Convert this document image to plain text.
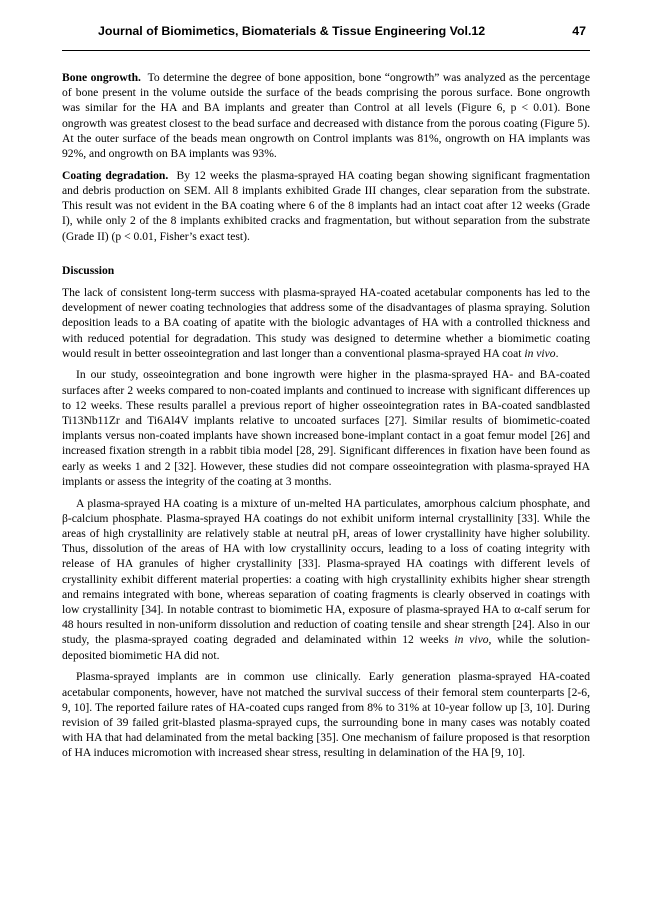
Journal of Biomimetics, Biomaterials & Tissue Engineering Vol.12	47

Bone ongrowth. To determine the degree of bone apposition, bone “ongrowth” was analyzed as the percentage of bone present in the volume outside the surface of the beads comprising the porous surface. Bone ongrowth was similar for the HA and BA implants and greater than Control at all levels (Figure 6, p < 0.01). Bone ongrowth was greatest closest to the bead surface and decreased with distance from the porous coating (Figure 5). At the outer surface of the beads mean ongrowth on Control implants was 81%, ongrowth on HA implants was 92%, and ongrowth on BA implants was 93%.

Coating degradation. By 12 weeks the plasma-sprayed HA coating began showing significant fragmentation and debris production on SEM. All 8 implants exhibited Grade III changes, clear separation from the substrate. This result was not evident in the BA coating where 6 of the 8 implants had an intact coat after 12 weeks (Grade I), while only 2 of the 8 implants exhibited cracks and fragmentation, but without separation from the substrate (Grade II) (p < 0.01, Fisher’s exact test).

Discussion

The lack of consistent long-term success with plasma-sprayed HA-coated acetabular components has led to the development of newer coating technologies that address some of the disadvantages of plasma spraying. Solution deposition leads to a BA coating of apatite with the biologic advantages of HA with a controlled thickness and with reduced potential for degradation. This study was designed to determine whether a biomimetic coating would result in better osseointegration and last longer than a conventional plasma-sprayed HA coat in vivo.

In our study, osseointegration and bone ingrowth were higher in the plasma-sprayed HA- and BA-coated surfaces after 2 weeks compared to non-coated implants and continued to increase with significant differences up to 12 weeks. These results parallel a previous report of higher osseointegration rates in BA-coated sandblasted Ti13Nb11Zr and Ti6Al4V implants relative to uncoated surfaces [27]. Similar results of biomimetic-coated implants versus non-coated implants have shown increased bone-implant contact in a goat femur model [26] and increased fixation strength in a rabbit tibia model [28, 29]. Significant differences in fixation have been found as early as weeks 1 and 2 [32]. However, these studies did not compare osseointegration with plasma-sprayed HA implants or assess the integrity of the coating at 3 months.

A plasma-sprayed HA coating is a mixture of un-melted HA particulates, amorphous calcium phosphate, and β-calcium phosphate. Plasma-sprayed HA coatings do not exhibit uniform internal crystallinity [33]. While the areas of high crystallinity are relatively stable at neutral pH, areas of lower crystallinity have higher solubility. Thus, dissolution of the areas of HA with low crystallinity occurs, leading to a loss of coating integrity with release of HA granules of higher crystallinity [33]. Plasma-sprayed HA coatings with different levels of crystallinity exhibit different material properties: a coating with high crystallinity exhibits higher shear strength and remains integrated with bone, whereas separation of coating fragments is clearly observed in coatings with low crystallinity [34]. In notable contrast to biomimetic HA, exposure of plasma-sprayed HA to α-calf serum for 48 hours resulted in non-uniform dissolution and reduction of coating tensile and shear strength [24]. Also in our study, the plasma-sprayed coating degraded and delaminated within 12 weeks in vivo, while the solution-deposited biomimetic HA did not.

Plasma-sprayed implants are in common use clinically. Early generation plasma-sprayed HA-coated acetabular components, however, have not matched the survival success of their femoral stem counterparts [2-6, 9, 10]. The reported failure rates of HA-coated cups ranged from 8% to 31% at 10-year follow up [3, 10]. During revision of 39 failed grit-blasted plasma-sprayed cups, the surrounding bone in many cases was notably coated with HA that had delaminated from the metal backing [35]. One mechanism of failure proposed is that resorption of HA induces micromotion with increased shear stress, resulting in delamination of the HA [9, 10].
